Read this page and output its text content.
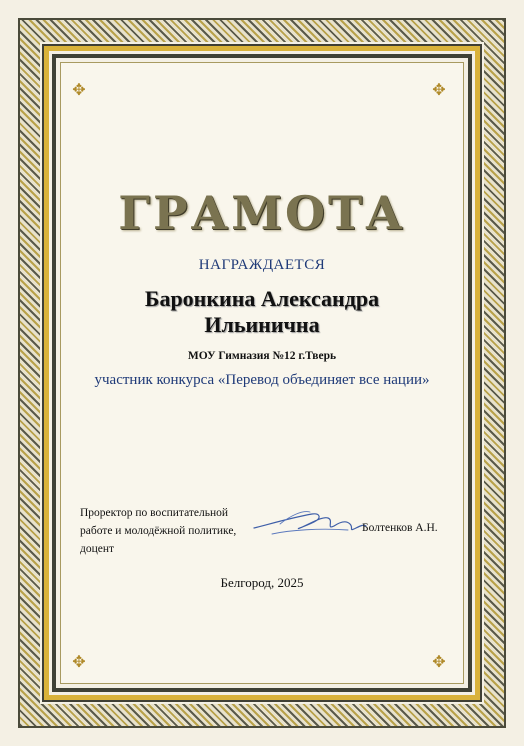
✥
✥
✥
✥
ГРАМОТА
НАГРАЖДАЕТСЯ
Баронкина Александра
Ильинична
МОУ Гимназия №12 г.Тверь
участник конкурса «Перевод объединяет все нации»
Проректор по воспитательной
работе и молодёжной политике,
доцент
Болтенков А.Н.
Белгород, 2025
